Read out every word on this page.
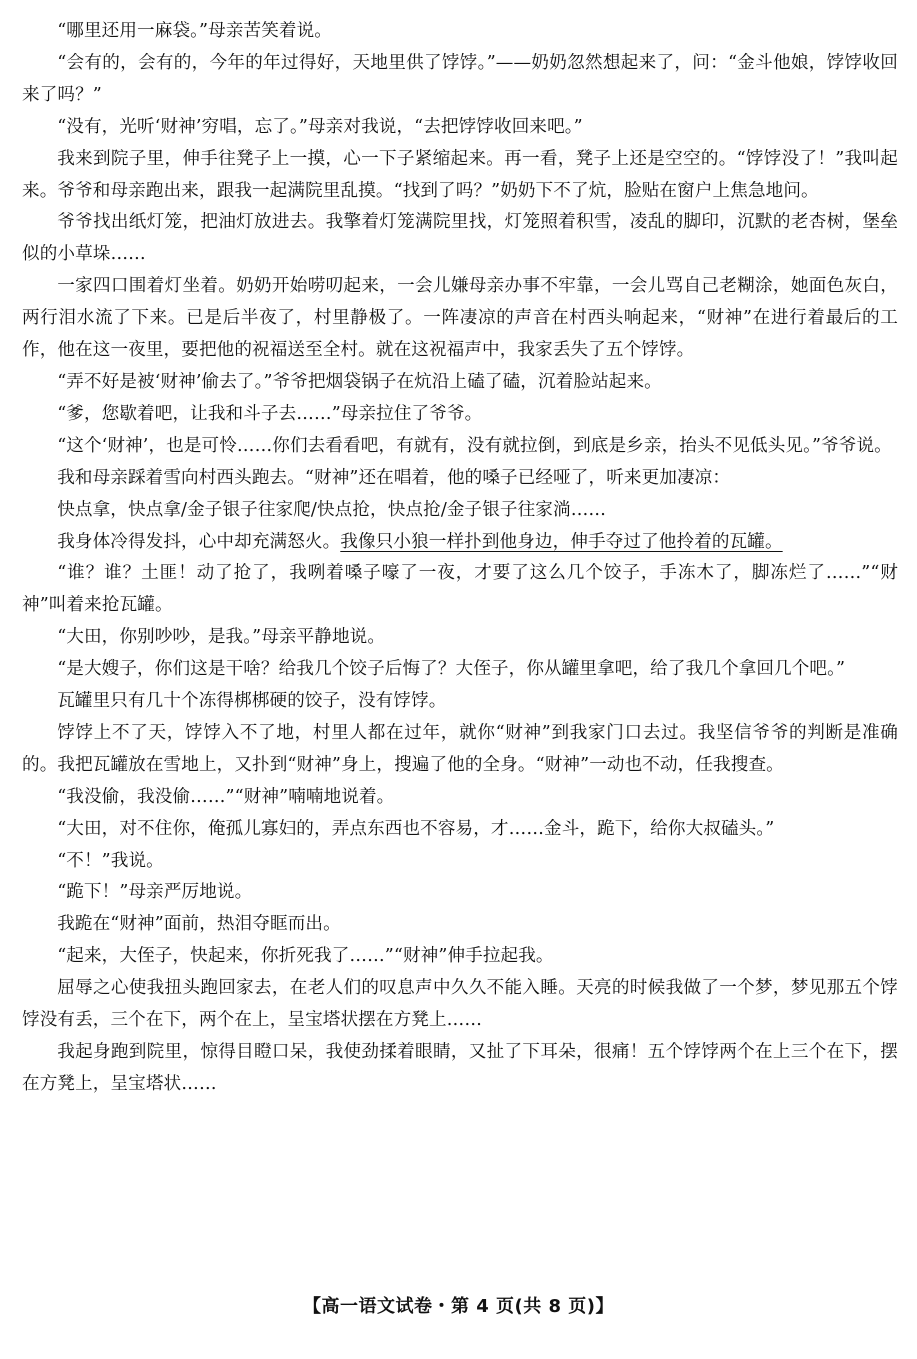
“哪里还用一麻袋。”母亲苦笑着说。

“会有的，会有的，今年的年过得好，天地里供了饽饽。”——奶奶忽然想起来了，问：“金斗他娘，饽饽收回来了吗？”

“没有，光听‘财神’穷唱，忘了。”母亲对我说，“去把饽饽收回来吧。”

我来到院子里，伸手往凳子上一摸，心一下子紧缩起来。再一看，凳子上还是空空的。“饽饽没了！”我叫起来。爷爷和母亲跑出来，跟我一起满院里乱摸。“找到了吗？”奶奶下不了炕，脸贴在窗户上焦急地问。

爷爷找出纸灯笼，把油灯放进去。我擎着灯笼满院里找，灯笼照着积雪，凌乱的脚印，沉默的老杏树，堡垒似的小草垛……

一家四口围着灯坐着。奶奶开始唠叨起来，一会儿嫌母亲办事不牢靠，一会儿骂自己老糊涂，她面色灰白，两行泪水流了下来。已是后半夜了，村里静极了。一阵凄凉的声音在村西头响起来，“财神”在进行着最后的工作，他在这一夜里，要把他的祝福送至全村。就在这祝福声中，我家丢失了五个饽饽。

“弄不好是被‘财神’偷去了。”爷爷把烟袋锅子在炕沿上磕了磕，沉着脸站起来。

“爹，您歇着吧，让我和斗子去……”母亲拉住了爷爷。

“这个‘财神’，也是可怜……你们去看看吧，有就有，没有就拉倒，到底是乡亲，抬头不见低头见。”爷爷说。

我和母亲踩着雪向村西头跑去。“财神”还在唱着，他的嗓子已经哑了，听来更加凄凉：

快点拿，快点拿/金子银子往家爬/快点抢，快点抢/金子银子往家淌……

我身体冷得发抖，心中却充满怒火。我像只小狼一样扑到他身边，伸手夺过了他拎着的瓦罐。

“谁？谁？土匪！动了抢了，我咧着嗓子嚎了一夜，才要了这么几个饺子，手冻木了，脚冻烂了……”“财神”叫着来抢瓦罐。

“大田，你别吵吵，是我。”母亲平静地说。

“是大嫂子，你们这是干啥？给我几个饺子后悔了？大侄子，你从罐里拿吧，给了我几个拿回几个吧。”

瓦罐里只有几十个冻得梆梆硬的饺子，没有饽饽。

饽饽上不了天，饽饽入不了地，村里人都在过年，就你“财神”到我家门口去过。我坚信爷爷的判断是准确的。我把瓦罐放在雪地上，又扑到“财神”身上，搜遍了他的全身。“财神”一动也不动，任我搜查。

“我没偷，我没偷……”“财神”喃喃地说着。

“大田，对不住你，俺孤儿寡妇的，弄点东西也不容易，才……金斗，跪下，给你大叔磕头。”

“不！”我说。

“跪下！”母亲严厉地说。

我跪在“财神”面前，热泪夺眶而出。

“起来，大侄子，快起来，你折死我了……”“财神”伸手拉起我。

屈辱之心使我扭头跑回家去，在老人们的叹息声中久久不能入睡。天亮的时候我做了一个梦，梦见那五个饽饽没有丢，三个在下，两个在上，呈宝塔状摆在方凳上……

我起身跑到院里，惊得目瞪口呆，我使劲揉着眼睛，又扯了下耳朵，很痛！五个饽饽两个在上三个在下，摆在方凳上，呈宝塔状……

【高一语文试卷・第 4 页(共 8 页)】
